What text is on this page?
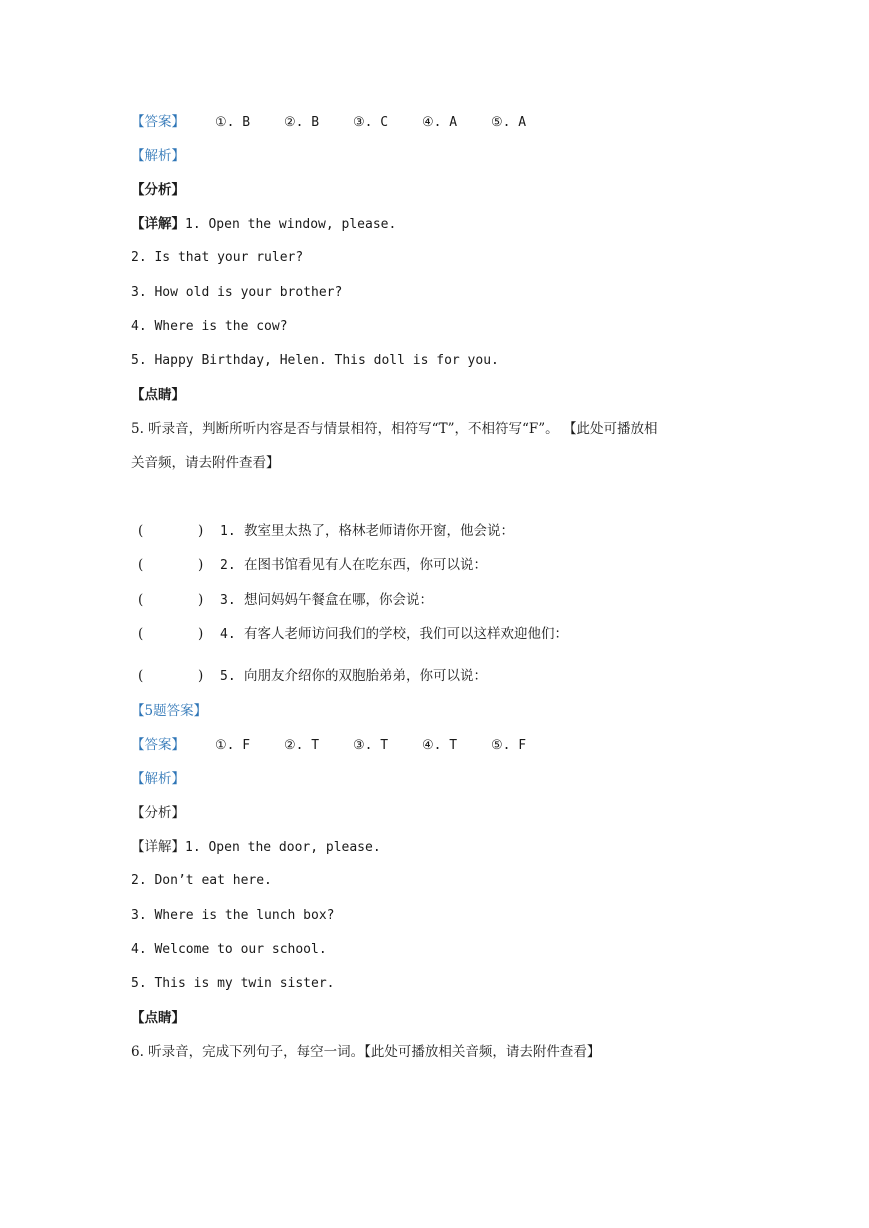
【答案】 ①. B	②. B	③. C	④. A	⑤. A
【解析】
【分析】
【详解】1. Open the window, please.
2. Is that your ruler?
3. How old is your brother?
4. Where is the cow?
5. Happy Birthday, Helen. This doll is for you.
【点睛】
5. 听录音，判断所听内容是否与情景相符，相符写“T”，不相符写“F”。 【此处可播放相
关音频，请去附件查看】
(	) 1. 教室里太热了，格林老师请你开窗，他会说：
(	) 2. 在图书馆看见有人在吃东西，你可以说：
(	) 3. 想问妈妈午餐盒在哪，你会说：
(	) 4. 有客人老师访问我们的学校，我们可以这样欢迎他们：
(	) 5. 向朋友介绍你的双胞胎弟弟，你可以说：
【5题答案】
【答案】 ①. F	②. T	③. T	④. T	⑤. F
【解析】
【分析】
【详解】1. Open the door, please.
2. Don’t eat here.
3. Where is the lunch box?
4. Welcome to our school.
5. This is my twin sister.
【点睛】
6. 听录音，完成下列句子，每空一词。【此处可播放相关音频，请去附件查看】
